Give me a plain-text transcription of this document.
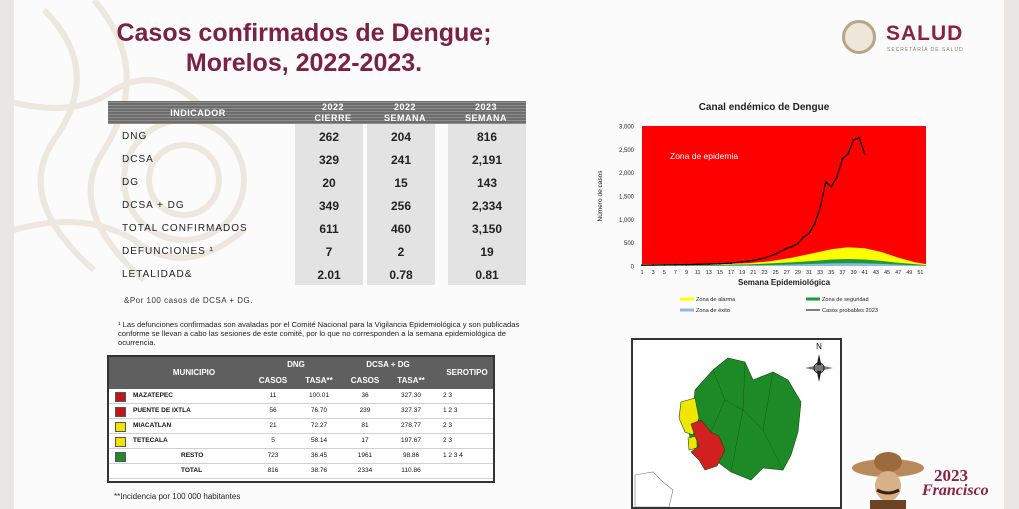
Casos confirmados de Dengue;
Morelos, 2022-2023.
SALUD
SECRETARÍA DE SALUD
INDICADOR
2022
CIERRE
2022
SEMANA
2023
SEMANA
DNG	262	204	816
DCSA	329	241	2,191
DG	20	15	143
DCSA + DG	349	256	2,334
TOTAL CONFIRMADOS	611	460	3,150
DEFUNCIONES ¹	7	2	19
LETALIDAD&	2.01	0.78	0.81
&Por 100 casos de DCSA + DG.
¹ Las defunciones confirmadas son avaladas por el Comité Nacional para la Vigilancia Epidemiológica y son publicadas conforme se llevan a cabo las sesiones de este comité, por lo que no corresponden a la semana epidemiológica de ocurrencia.
MUNICIPIO
DNG	DCSA + DG
SEROTIPO
CASOS	TASA**	CASOS	TASA**
MAZATEPEC	11	100.01	36	327.30	2 3
PUENTE DE IXTLA	56	76.70	239	327.37	1 2 3
MIACATLAN	21	72.27	81	278.77	2 3
TETECALA	5	58.14	17	197.67	2 3
RESTO	723	36.45	1961	98.86	1 2 3 4
TOTAL	816	38.76	2334	110.86
**Incidencia por 100 000 habitantes
Canal endémico de Dengue
Zona de epidemia
0
500
1,000
1,500
2,000
2,500
3,000
1 3 5 7 9 11 13 15 17 19 21 23 25 27 29 31 33 35 37 39 41 43 45 47 49 51
Semana Epidemiológica
Número de casos
Zona de alarma	Zona de seguridad
Zona de éxito	Casos probables 2023
N
2023
Francisco
